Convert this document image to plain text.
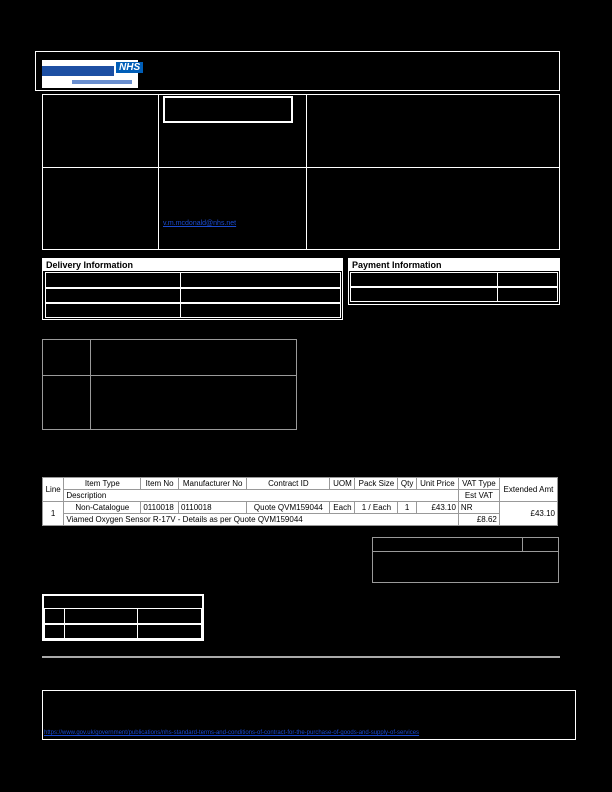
NHS
v.m.mcdonald@nhs.net
Delivery Information	Payment Information
Line	Item Type	Item No	Manufacturer No	Contract ID	UOM	Pack Size	Qty	Unit Price	VAT Type	Extended Amt
	Description								Est VAT	
1	Non-Catalogue	0110018	0110018	Quote QVM159044	Each	1 / Each	1	£43.10	NR	£43.10
	Viamed Oxygen Sensor R-17V - Details as per Quote QVM159044								£8.62	
https://www.gov.uk/government/publications/nhs-standard-terms-and-conditions-of-contract-for-the-purchase-of-goods-and-supply-of-services
